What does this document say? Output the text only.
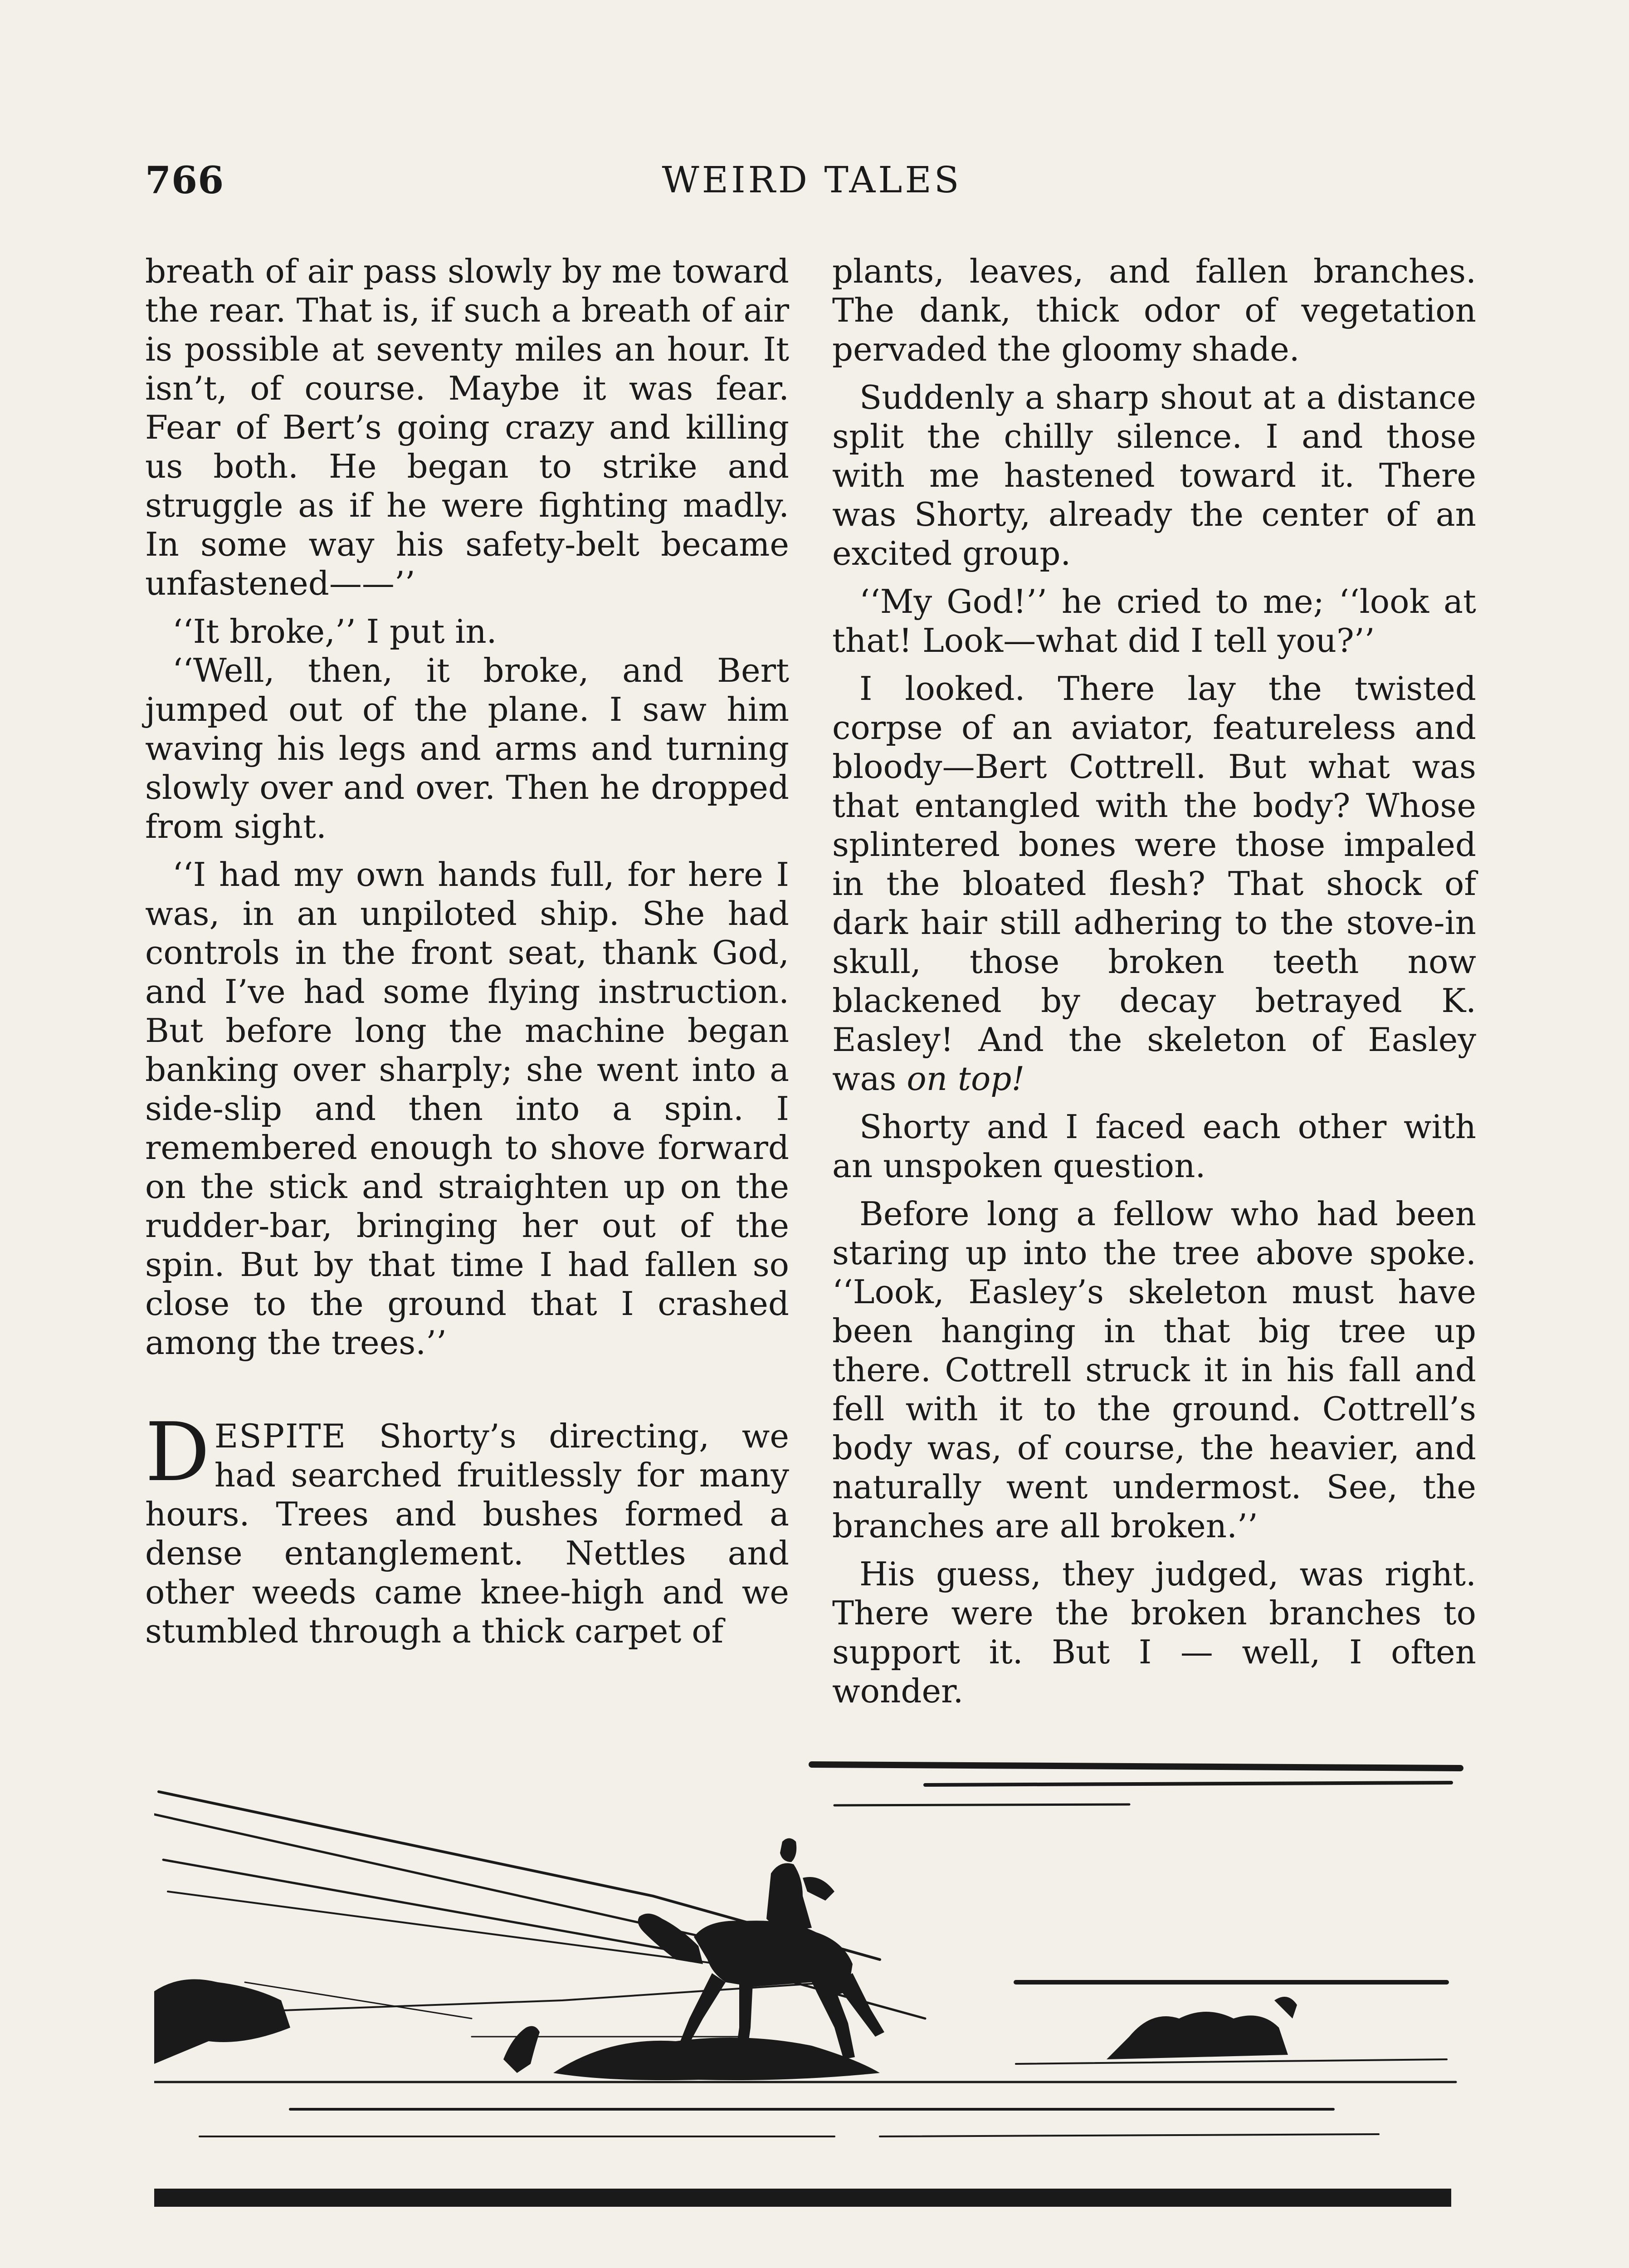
766	WEIRD TALES

breath of air pass slowly by me toward the rear. That is, if such a breath of air is possible at seventy miles an hour. It isn’t, of course. Maybe it was fear. Fear of Bert’s going crazy and killing us both. He began to strike and struggle as if he were fighting madly. In some way his safety-belt became unfastened——’’

‘‘It broke,’’ I put in.

‘‘Well, then, it broke, and Bert jumped out of the plane. I saw him waving his legs and arms and turning slowly over and over. Then he dropped from sight.

‘‘I had my own hands full, for here I was, in an unpiloted ship. She had controls in the front seat, thank God, and I’ve had some flying instruction. But before long the machine began banking over sharply; she went into a side-slip and then into a spin. I remembered enough to shove forward on the stick and straighten up on the rudder-bar, bringing her out of the spin. But by that time I had fallen so close to the ground that I crashed among the trees.’’

DESPITE Shorty’s directing, we had searched fruitlessly for many hours. Trees and bushes formed a dense entanglement. Nettles and other weeds came knee-high and we stumbled through a thick carpet of

plants, leaves, and fallen branches. The dank, thick odor of vegetation pervaded the gloomy shade.

Suddenly a sharp shout at a distance split the chilly silence. I and those with me hastened toward it. There was Shorty, already the center of an excited group.

‘‘My God!’’ he cried to me; ‘‘look at that! Look—what did I tell you?’’

I looked. There lay the twisted corpse of an aviator, featureless and bloody—Bert Cottrell. But what was that entangled with the body? Whose splintered bones were those impaled in the bloated flesh? That shock of dark hair still adhering to the stove-in skull, those broken teeth now blackened by decay betrayed K. Easley! And the skeleton of Easley was on top!

Shorty and I faced each other with an unspoken question.

Before long a fellow who had been staring up into the tree above spoke. ‘‘Look, Easley’s skeleton must have been hanging in that big tree up there. Cottrell struck it in his fall and fell with it to the ground. Cottrell’s body was, of course, the heavier, and naturally went undermost. See, the branches are all broken.’’

His guess, they judged, was right. There were the broken branches to support it. But I — well, I often wonder.
